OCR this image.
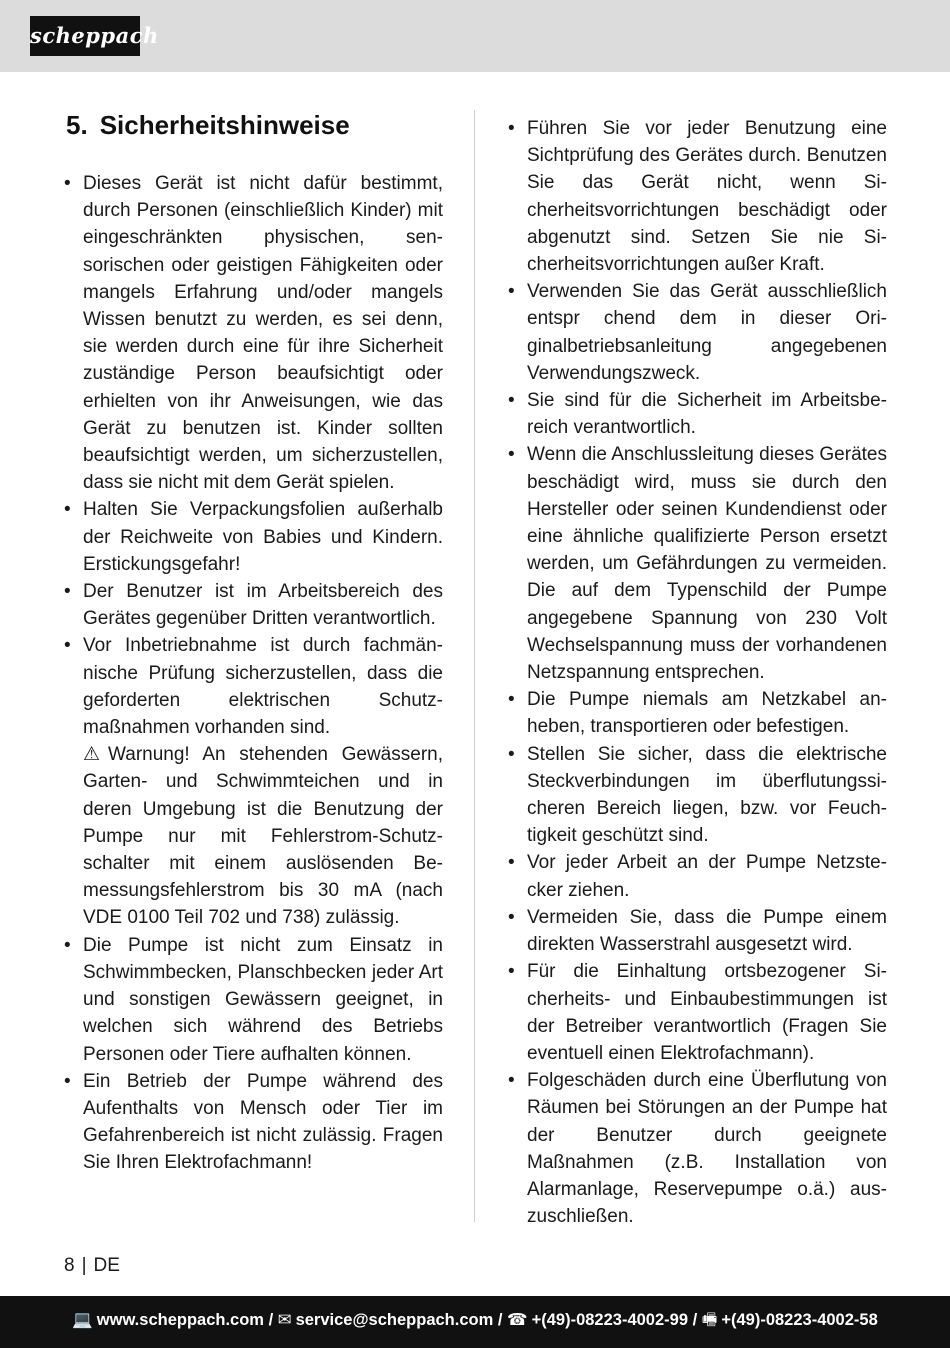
scheppach
5. Sicherheitshinweise
• Dieses Gerät ist nicht dafür bestimmt, durch Personen (einschließlich Kinder) mit eingeschränkten physischen, sensorischen oder geistigen Fähigkeiten oder mangels Erfahrung und/oder mangels Wissen benutzt zu werden, es sei denn, sie werden durch eine für ihre Sicherheit zuständige Person beaufsichtigt oder erhielten von ihr Anweisungen, wie das Gerät zu benutzen ist. Kinder sollten beaufsichtigt werden, um sicherzustellen, dass sie nicht mit dem Gerät spielen.
• Halten Sie Verpackungsfolien außerhalb der Reichweite von Babies und Kindern. Erstickungsgefahr!
• Der Benutzer ist im Arbeitsbereich des Gerätes gegenüber Dritten verantwortlich.
• Vor Inbetriebnahme ist durch fachmännische Prüfung sicherzustellen, dass die geforderten elektrischen Schutzmaßnahmen vorhanden sind.
⚠ Warnung! An stehenden Gewässern, Garten- und Schwimmteichen und in deren Umgebung ist die Benutzung der Pumpe nur mit Fehlerstrom-Schutzschalter mit einem auslösenden Bemessungsfehlerstrom bis 30 mA (nach VDE 0100 Teil 702 und 738) zulässig.
• Die Pumpe ist nicht zum Einsatz in Schwimmbecken, Planschbecken jeder Art und sonstigen Gewässern geeignet, in welchen sich während des Betriebs Personen oder Tiere aufhalten können.
• Ein Betrieb der Pumpe während des Aufenthalts von Mensch oder Tier im Gefahrenbereich ist nicht zulässig. Fragen Sie Ihren Elektrofachmann!
• Führen Sie vor jeder Benutzung eine Sichtprüfung des Gerätes durch. Benutzen Sie das Gerät nicht, wenn Sicherheitsvorrichtungen beschädigt oder abgenutzt sind. Setzen Sie nie Sicherheitsvorrichtungen außer Kraft.
• Verwenden Sie das Gerät ausschließlich entspr chend dem in dieser Originalbetriebsanleitung angegebenen Verwendungszweck.
• Sie sind für die Sicherheit im Arbeitsbereich verantwortlich.
• Wenn die Anschlussleitung dieses Gerätes beschädigt wird, muss sie durch den Hersteller oder seinen Kundendienst oder eine ähnliche qualifizierte Person ersetzt werden, um Gefährdungen zu vermeiden. Die auf dem Typenschild der Pumpe angegebene Spannung von 230 Volt Wechselspannung muss der vorhandenen Netzspannung entsprechen.
• Die Pumpe niemals am Netzkabel anheben, transportieren oder befestigen.
• Stellen Sie sicher, dass die elektrische Steckverbindungen im überflutungssicheren Bereich liegen, bzw. vor Feuchtigkeit geschützt sind.
• Vor jeder Arbeit an der Pumpe Netzstecker ziehen.
• Vermeiden Sie, dass die Pumpe einem direkten Wasserstrahl ausgesetzt wird.
• Für die Einhaltung ortsbezogener Sicherheits- und Einbaubestimmungen ist der Betreiber verantwortlich (Fragen Sie eventuell einen Elektrofachmann).
• Folgeschäden durch eine Überflutung von Räumen bei Störungen an der Pumpe hat der Benutzer durch geeignete Maßnahmen (z.B. Installation von Alarmanlage, Reservepumpe o.ä.) auszuschließen.
8 | DE
💻 www.scheppach.com / ✉ service@scheppach.com / ☎ +(49)-08223-4002-99 / 🖷 +(49)-08223-4002-58
